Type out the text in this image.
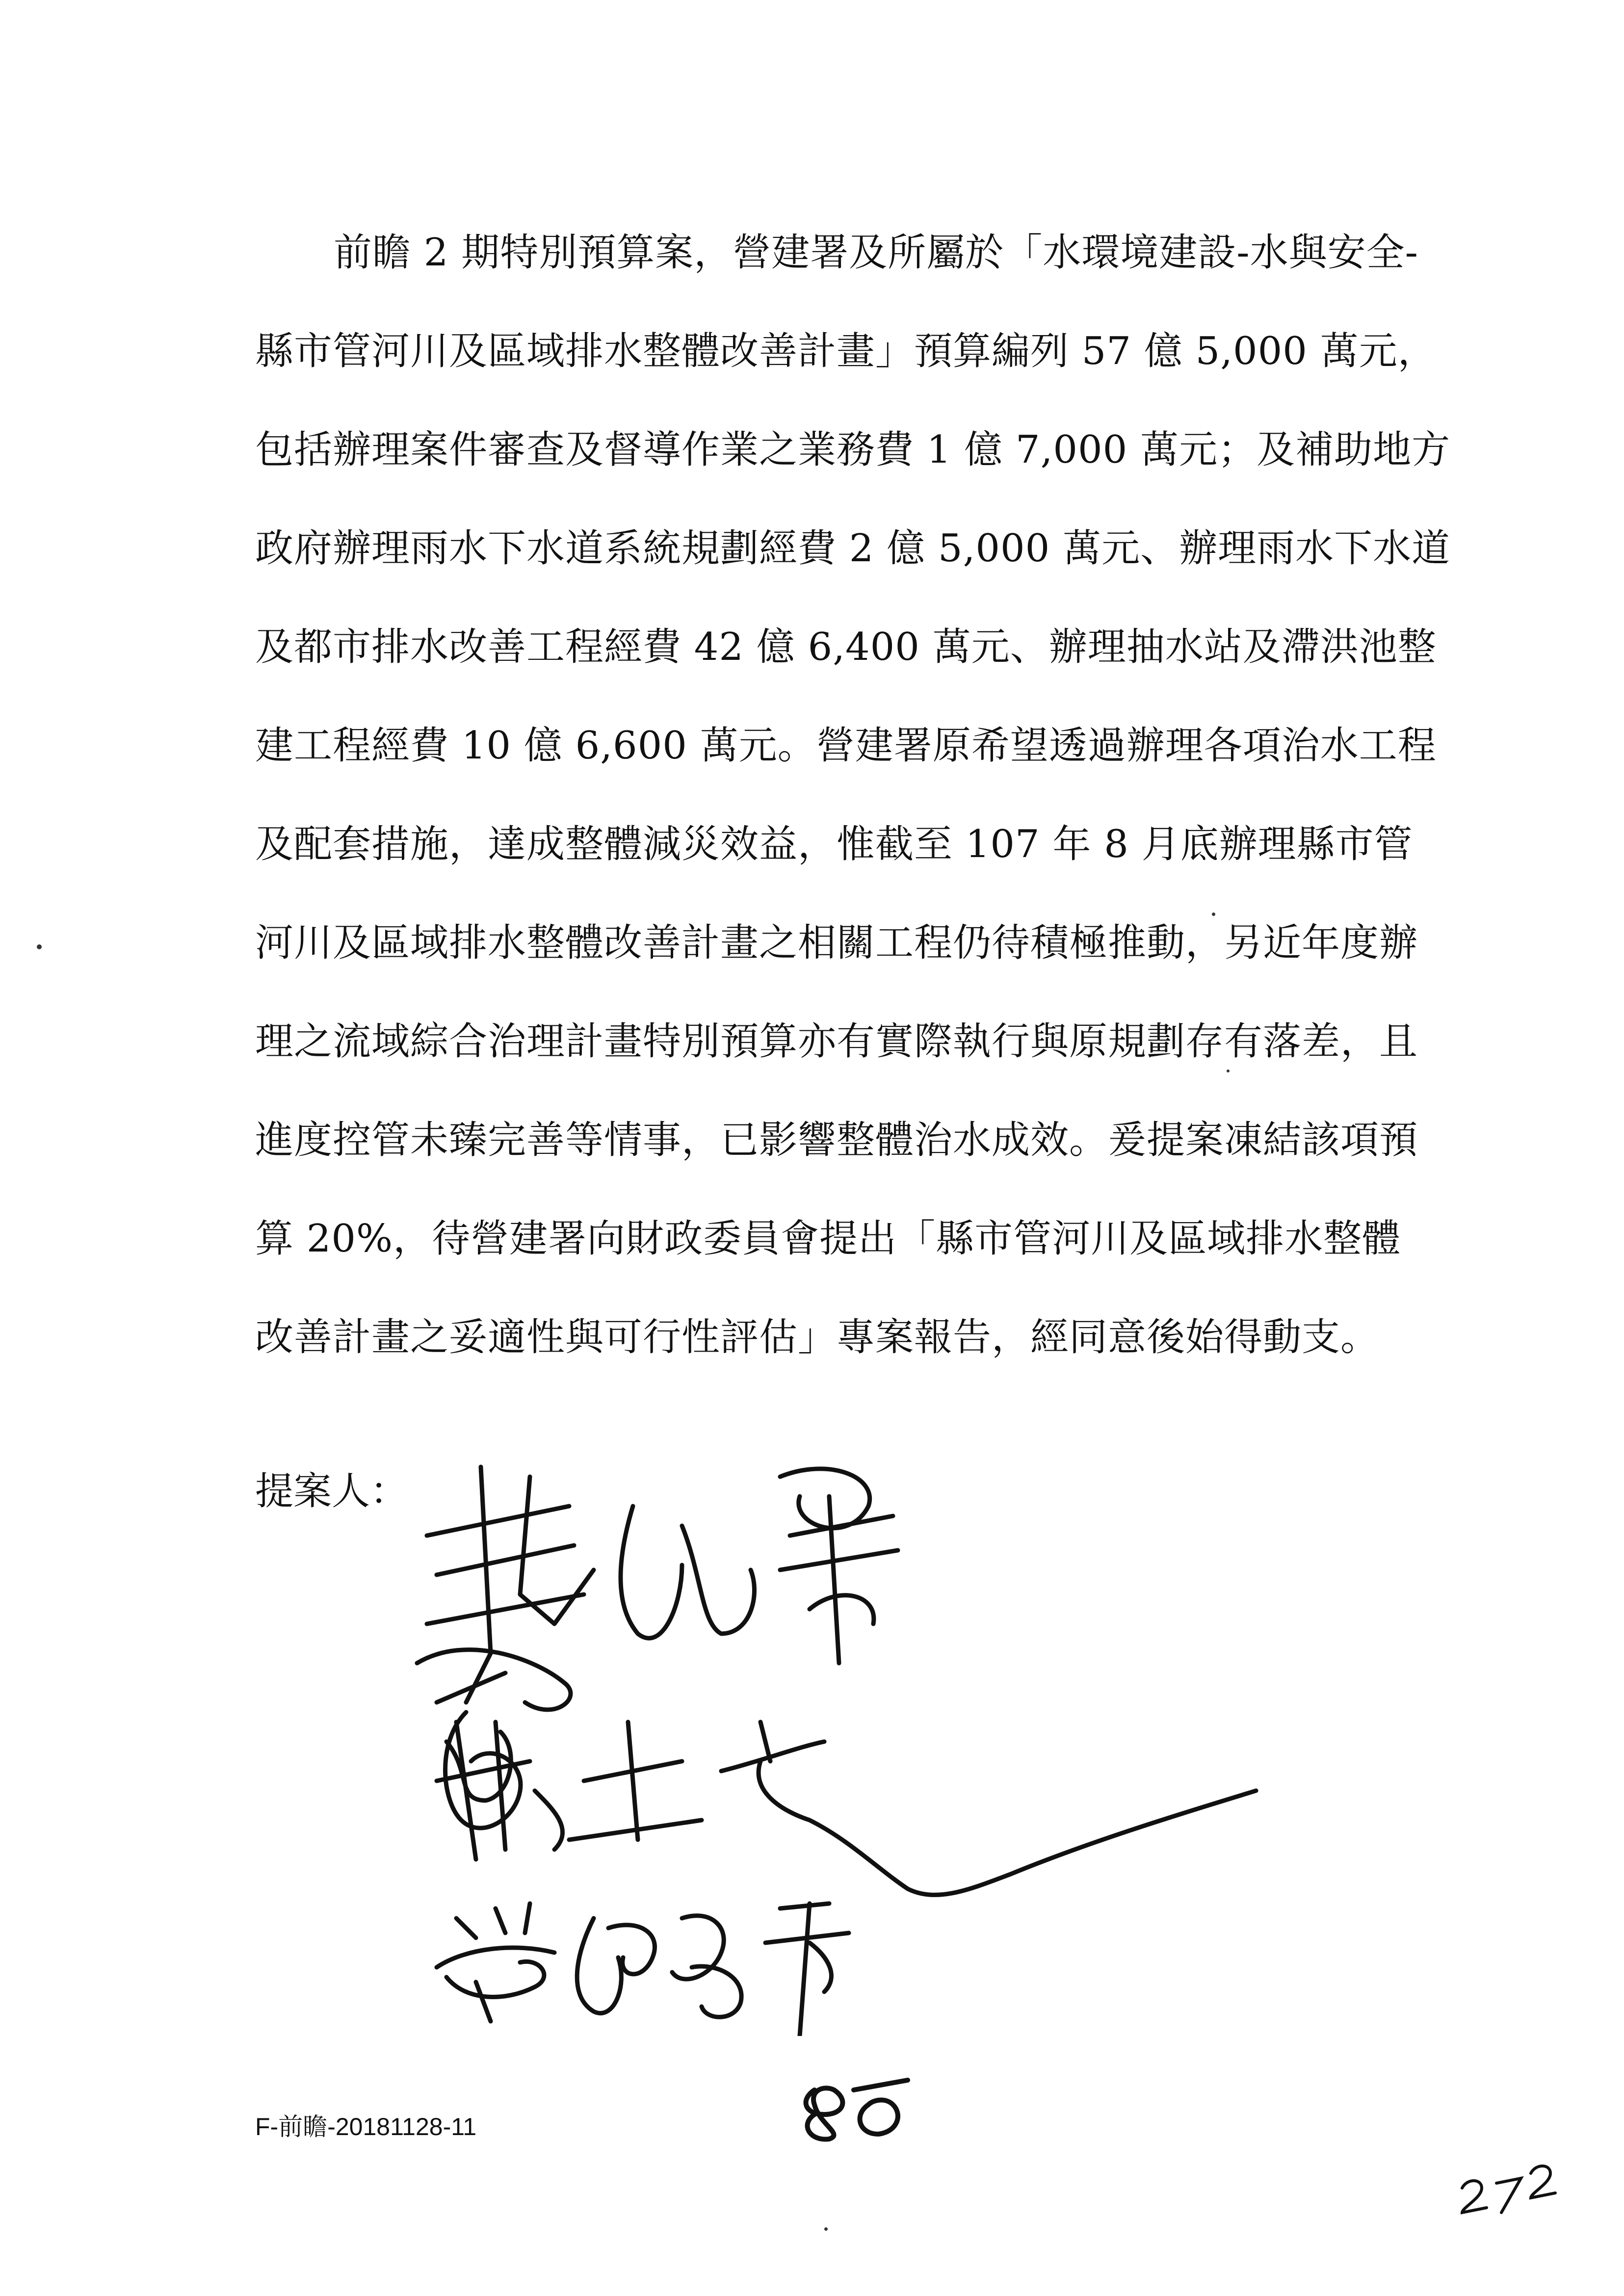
前瞻 2 期特別預算案，營建署及所屬於「水環境建設-水與安全-
縣市管河川及區域排水整體改善計畫」預算編列 57 億 5,000 萬元，
包括辦理案件審查及督導作業之業務費 1 億 7,000 萬元；及補助地方
政府辦理雨水下水道系統規劃經費 2 億 5,000 萬元、辦理雨水下水道
及都市排水改善工程經費 42 億 6,400 萬元、辦理抽水站及滯洪池整
建工程經費 10 億 6,600 萬元。營建署原希望透過辦理各項治水工程
及配套措施，達成整體減災效益，惟截至 107 年 8 月底辦理縣市管
河川及區域排水整體改善計畫之相關工程仍待積極推動，另近年度辦
理之流域綜合治理計畫特別預算亦有實際執行與原規劃存有落差，且
進度控管未臻完善等情事，已影響整體治水成效。爰提案凍結該項預
算 20%，待營建署向財政委員會提出「縣市管河川及區域排水整體
改善計畫之妥適性與可行性評估」專案報告，經同意後始得動支。
提案人：
F-前瞻-20181128-11
